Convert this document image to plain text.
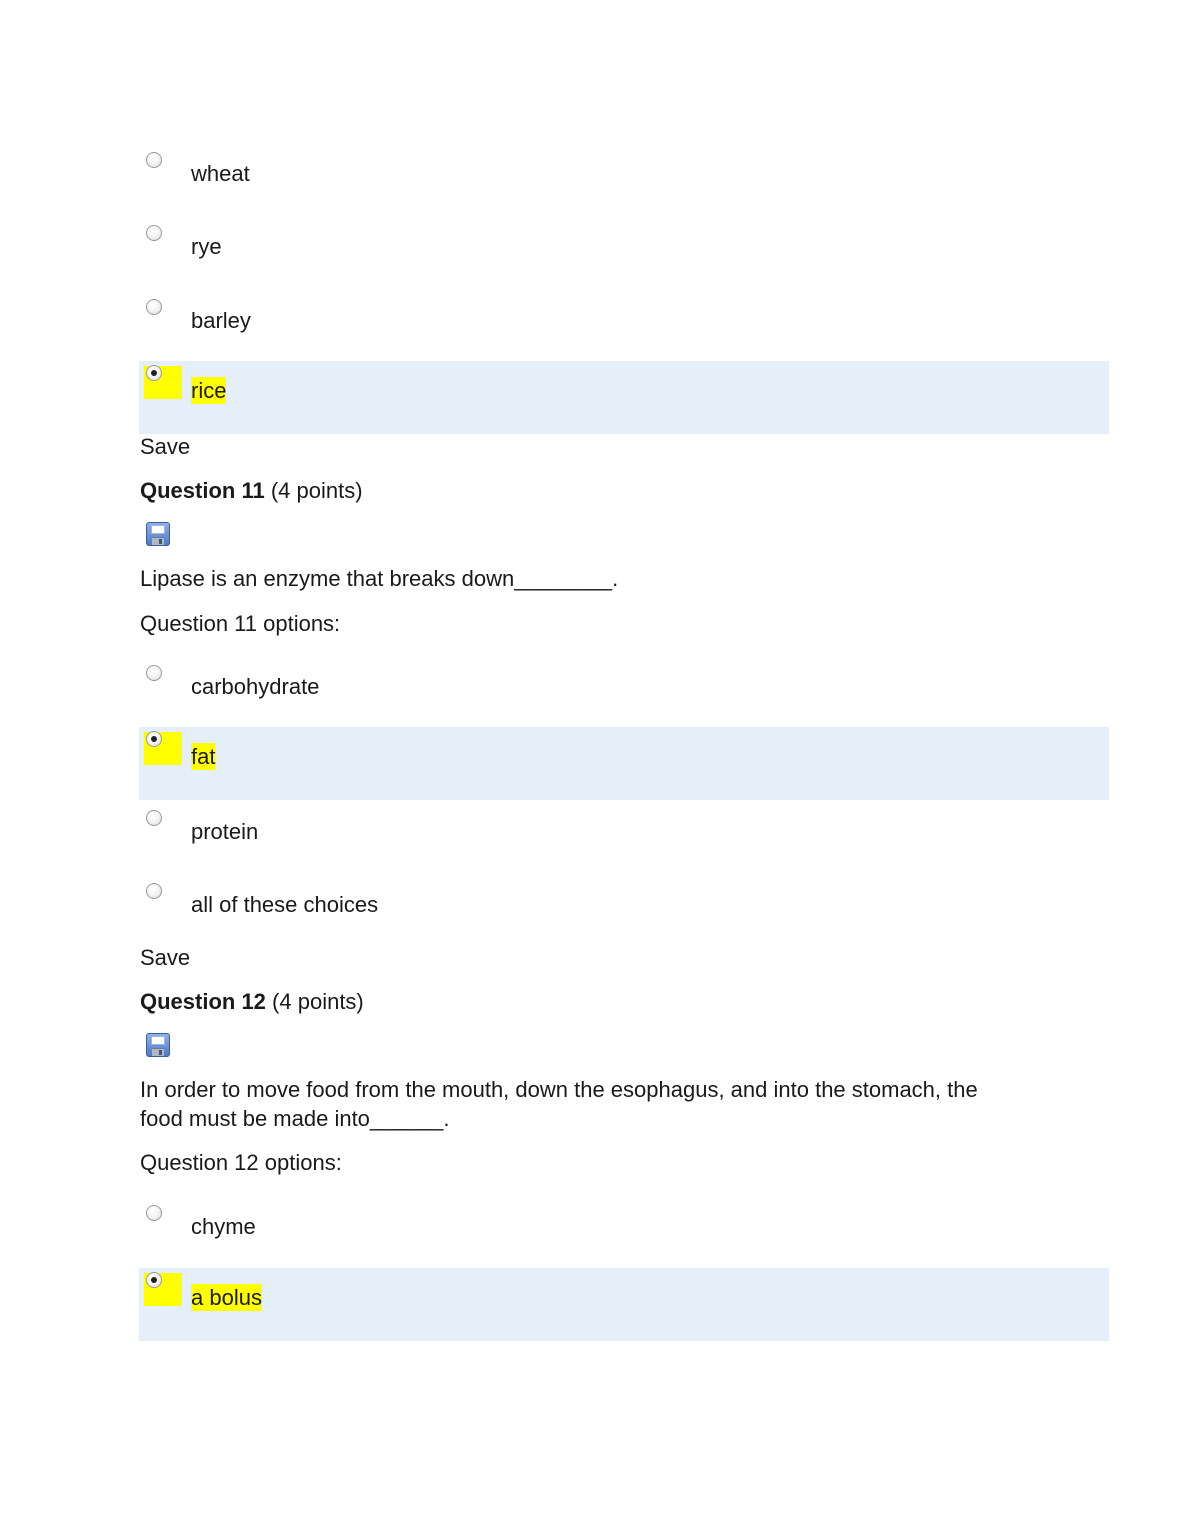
wheat
rye
barley
rice
Save
Question 11 (4 points)
Lipase is an enzyme that breaks down________.
Question 11 options:
carbohydrate
fat
protein
all of these choices
Save
Question 12 (4 points)
In order to move food from the mouth, down the esophagus, and into the stomach, the
food must be made into______.
Question 12 options:
chyme
a bolus
